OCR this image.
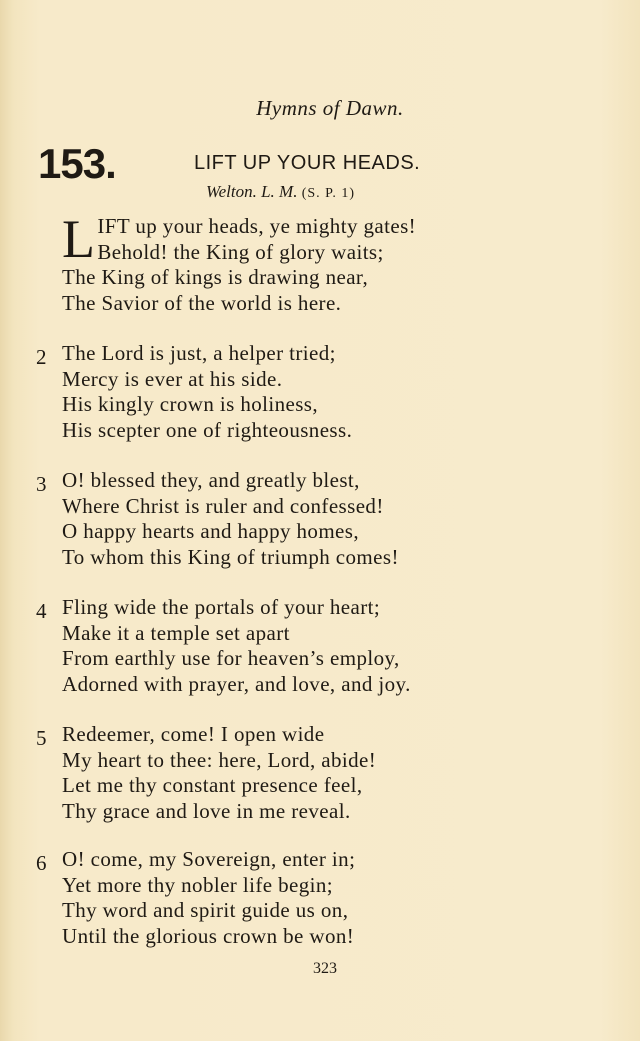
Hymns of Dawn.
153.	LIFT UP YOUR HEADS.
Welton. L. M. (S. P. 1)
L IFT up your heads, ye mighty gates!
Behold! the King of glory waits;
The King of kings is drawing near,
The Savior of the world is here.
2 The Lord is just, a helper tried;
Mercy is ever at his side.
His kingly crown is holiness,
His scepter one of righteousness.
3 O! blessed they, and greatly blest,
Where Christ is ruler and confessed!
O happy hearts and happy homes,
To whom this King of triumph comes!
4 Fling wide the portals of your heart;
Make it a temple set apart
From earthly use for heaven’s employ,
Adorned with prayer, and love, and joy.
5 Redeemer, come! I open wide
My heart to thee: here, Lord, abide!
Let me thy constant presence feel,
Thy grace and love in me reveal.
6 O! come, my Sovereign, enter in;
Yet more thy nobler life begin;
Thy word and spirit guide us on,
Until the glorious crown be won!
323
